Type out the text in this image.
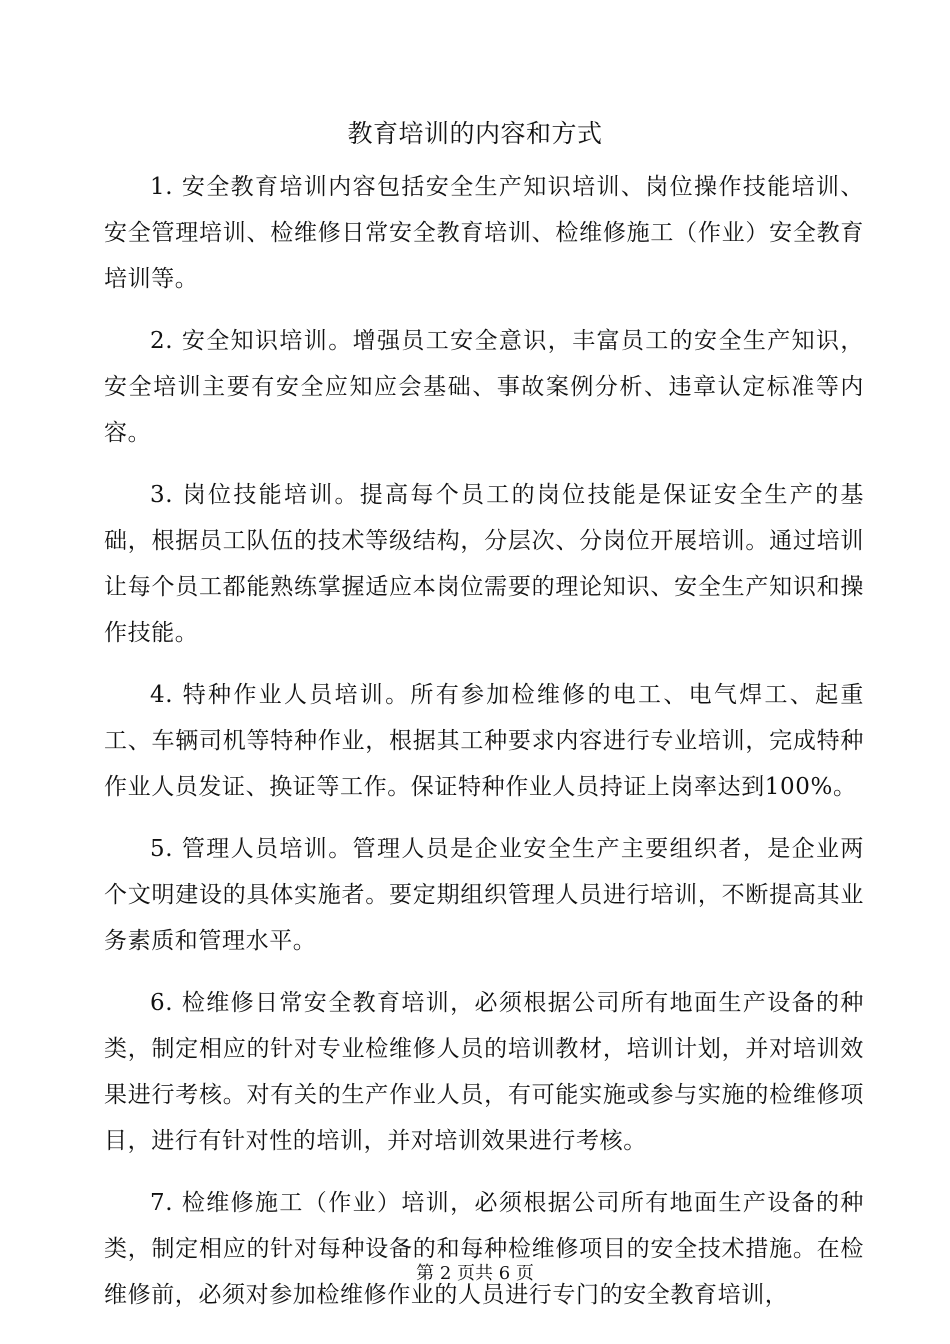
教育培训的内容和方式

1. 安全教育培训内容包括安全生产知识培训、岗位操作技能培训、安全管理培训、检维修日常安全教育培训、检维修施工（作业）安全教育培训等。

2. 安全知识培训。增强员工安全意识，丰富员工的安全生产知识，安全培训主要有安全应知应会基础、事故案例分析、违章认定标准等内容。

3. 岗位技能培训。提高每个员工的岗位技能是保证安全生产的基础，根据员工队伍的技术等级结构，分层次、分岗位开展培训。通过培训让每个员工都能熟练掌握适应本岗位需要的理论知识、安全生产知识和操作技能。

4. 特种作业人员培训。所有参加检维修的电工、电气焊工、起重工、车辆司机等特种作业，根据其工种要求内容进行专业培训，完成特种作业人员发证、换证等工作。保证特种作业人员持证上岗率达到100%。

5. 管理人员培训。管理人员是企业安全生产主要组织者，是企业两个文明建设的具体实施者。要定期组织管理人员进行培训，不断提高其业务素质和管理水平。

6. 检维修日常安全教育培训，必须根据公司所有地面生产设备的种类，制定相应的针对专业检维修人员的培训教材，培训计划，并对培训效果进行考核。对有关的生产作业人员，有可能实施或参与实施的检维修项目，进行有针对性的培训，并对培训效果进行考核。

7. 检维修施工（作业）培训，必须根据公司所有地面生产设备的种类，制定相应的针对每种设备的和每种检维修项目的安全技术措施。在检维修前，必须对参加检维修作业的人员进行专门的安全教育培训，

第 2 页共 6 页
